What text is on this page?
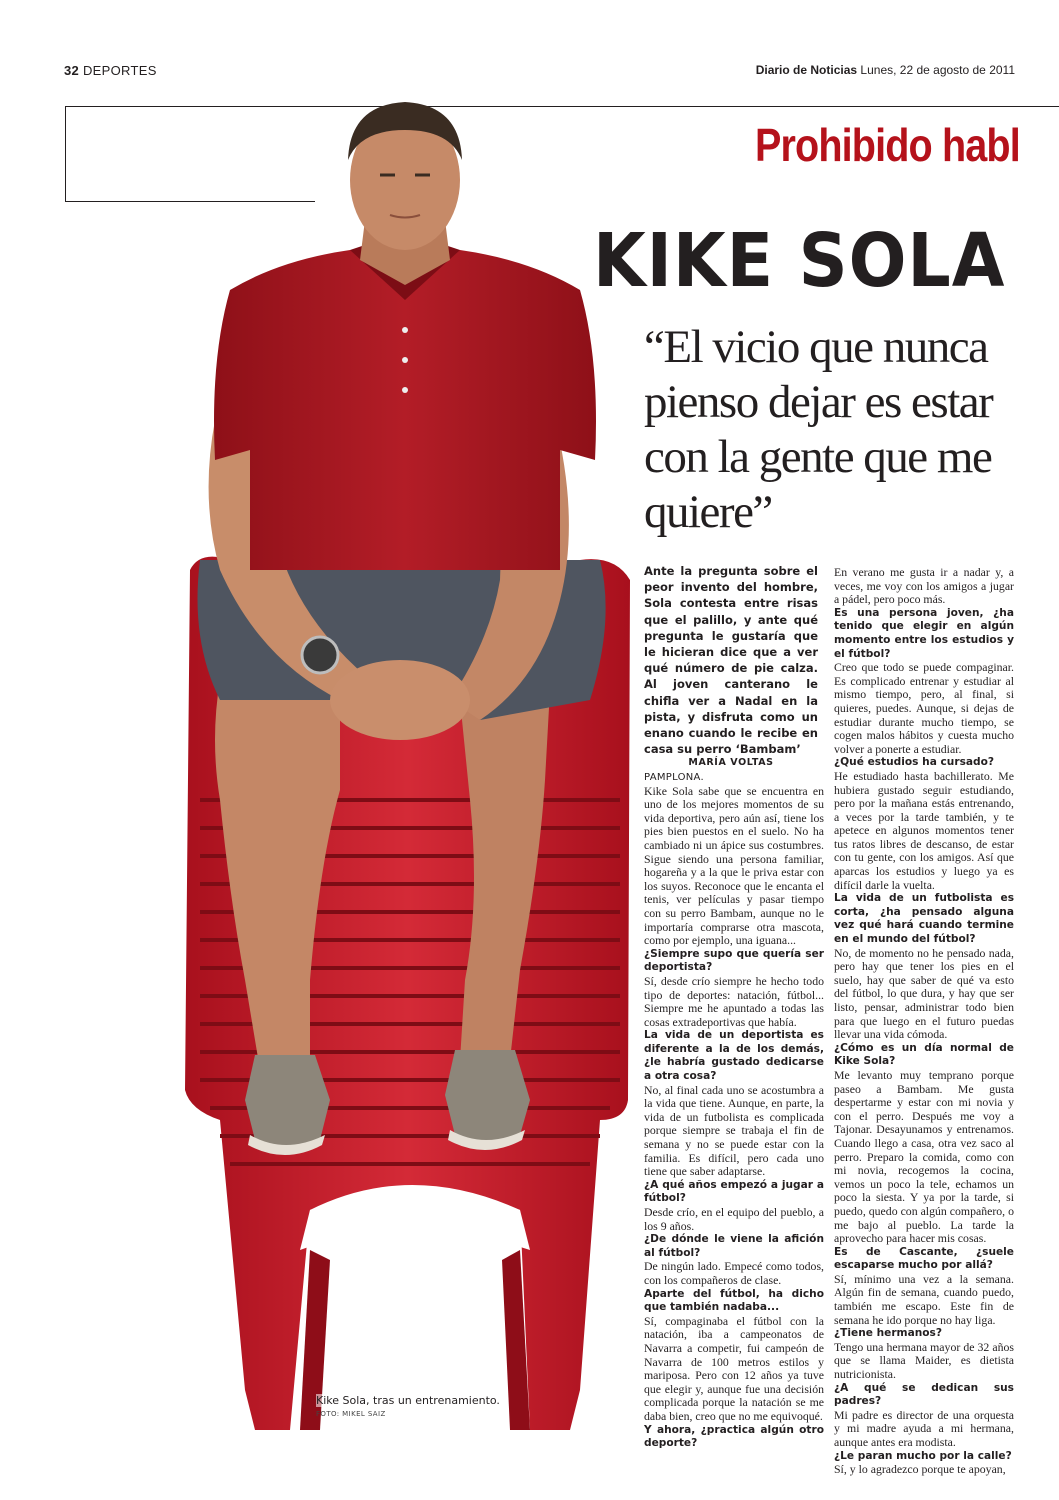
32 DEPORTES	Diario de Noticias Lunes, 22 de agosto de 2011
Prohibido habl
KIKE SOLA
“El vicio que nunca pienso dejar es estar con la gente que me quiere”
Ante la pregunta sobre el peor invento del hombre, Sola contesta entre risas que el palillo, y ante qué pregunta le gustaría que le hicieran dice que a ver qué número de pie calza. Al joven canterano le chifla ver a Nadal en la pista, y disfruta como un enano cuando le recibe en casa su perro ‘Bambam’
MARÍA VOLTAS

PAMPLONA.

Kike Sola sabe que se encuentra en uno de los mejores momentos de su vida deportiva, pero aún así, tiene los pies bien puestos en el suelo. No ha cambiado ni un ápice sus costumbres. Sigue siendo una persona familiar, hogareña y a la que le priva estar con los suyos. Reconoce que le encanta el tenis, ver películas y pasar tiempo con su perro Bambam, aunque no le importaría comprarse otra mascota, como por ejemplo, una iguana...

¿Siempre supo que quería ser deportista?

Sí, desde crío siempre he hecho todo tipo de deportes: natación, fútbol... Siempre me he apuntado a todas las cosas extradeportivas que había.

La vida de un deportista es diferente a la de los demás, ¿le habría gustado dedicarse a otra cosa?

No, al final cada uno se acostumbra a la vida que tiene. Aunque, en parte, la vida de un futbolista es complicada porque siempre se trabaja el fin de semana y no se puede estar con la familia. Es difícil, pero cada uno tiene que saber adaptarse.

¿A qué años empezó a jugar a fútbol?

Desde crío, en el equipo del pueblo, a los 9 años.

¿De dónde le viene la afición al fútbol?

De ningún lado. Empecé como todos, con los compañeros de clase.

Aparte del fútbol, ha dicho que también nadaba...

Sí, compaginaba el fútbol con la natación, iba a campeonatos de Navarra a competir, fui campeón de Navarra de 100 metros estilos y mariposa. Pero con 12 años ya tuve que elegir y, aunque fue una decisión complicada porque la natación se me daba bien, creo que no me equivoqué.

Y ahora, ¿practica algún otro deporte?

En verano me gusta ir a nadar y, a veces, me voy con los amigos a jugar a pádel, pero poco más.

Es una persona joven, ¿ha tenido que elegir en algún momento entre los estudios y el fútbol?

Creo que todo se puede compaginar. Es complicado entrenar y estudiar al mismo tiempo, pero, al final, si quieres, puedes. Aunque, si dejas de estudiar durante mucho tiempo, se cogen malos hábitos y cuesta mucho volver a ponerte a estudiar.

¿Qué estudios ha cursado?

He estudiado hasta bachillerato. Me hubiera gustado seguir estudiando, pero por la mañana estás entrenando, a veces por la tarde también, y te apetece en algunos momentos tener tus ratos libres de descanso, de estar con tu gente, con los amigos. Así que aparcas los estudios y luego ya es difícil darle la vuelta.

La vida de un futbolista es corta, ¿ha pensado alguna vez qué hará cuando termine en el mundo del fútbol?

No, de momento no he pensado nada, pero hay que tener los pies en el suelo, hay que saber de qué va esto del fútbol, lo que dura, y hay que ser listo, pensar, administrar todo bien para que luego en el futuro puedas llevar una vida cómoda.

¿Cómo es un día normal de Kike Sola?

Me levanto muy temprano porque paseo a Bambam. Me gusta despertarme y estar con mi novia y con el perro. Después me voy a Tajonar. Desayunamos y entrenamos. Cuando llego a casa, otra vez saco al perro. Preparo la comida, como con mi novia, recogemos la cocina, vemos un poco la tele, echamos un poco la siesta. Y ya por la tarde, si puedo, quedo con algún compañero, o me bajo al pueblo. La tarde la aprovecho para hacer mis cosas.

Es de Cascante, ¿suele escaparse mucho por allá?

Sí, mínimo una vez a la semana. Algún fin de semana, cuando puedo, también me escapo. Este fin de semana he ido porque no hay liga.

¿Tiene hermanos?

Tengo una hermana mayor de 32 años que se llama Maider, es dietista nutricionista.

¿A qué se dedican sus padres?

Mi padre es director de una orquesta y mi madre ayuda a mi hermana, aunque antes era modista.

¿Le paran mucho por la calle?

Sí, y lo agradezco porque te apoyan,

Kike Sola, tras un entrenamiento.
FOTO: MIKEL SAIZ
